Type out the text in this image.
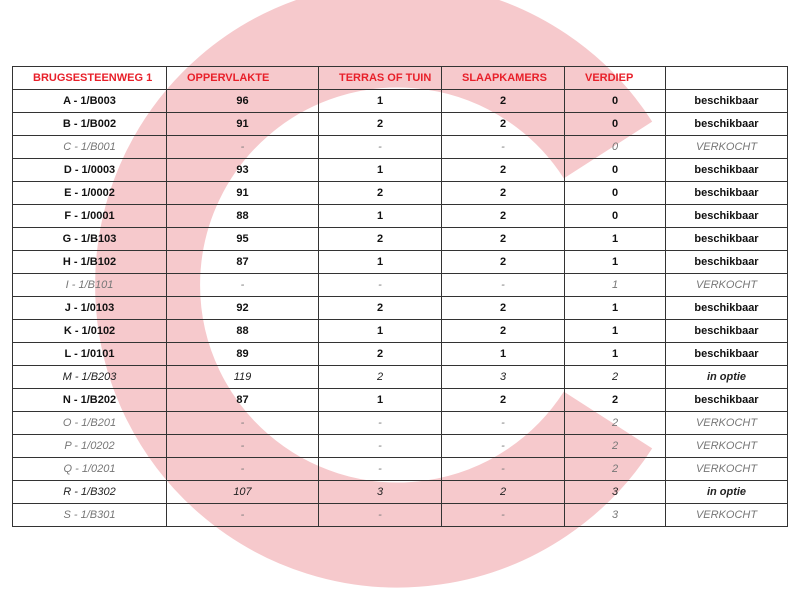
BRUGSESTEENWEG 1	OPPERVLAKTE	TERRAS OF TUIN	SLAAPKAMERS	VERDIEP	
A - 1/B003	96	1	2	0	beschikbaar
B - 1/B002	91	2	2	0	beschikbaar
C - 1/B001	-	-	-	0	VERKOCHT
D - 1/0003	93	1	2	0	beschikbaar
E - 1/0002	91	2	2	0	beschikbaar
F - 1/0001	88	1	2	0	beschikbaar
G - 1/B103	95	2	2	1	beschikbaar
H - 1/B102	87	1	2	1	beschikbaar
I - 1/B101	-	-	-	1	VERKOCHT
J - 1/0103	92	2	2	1	beschikbaar
K - 1/0102	88	1	2	1	beschikbaar
L - 1/0101	89	2	1	1	beschikbaar
M - 1/B203	119	2	3	2	in optie
N - 1/B202	87	1	2	2	beschikbaar
O - 1/B201	-	-	-	2	VERKOCHT
P - 1/0202	-	-	-	2	VERKOCHT
Q - 1/0201	-	-	-	2	VERKOCHT
R - 1/B302	107	3	2	3	in optie
S - 1/B301	-	-	-	3	VERKOCHT
